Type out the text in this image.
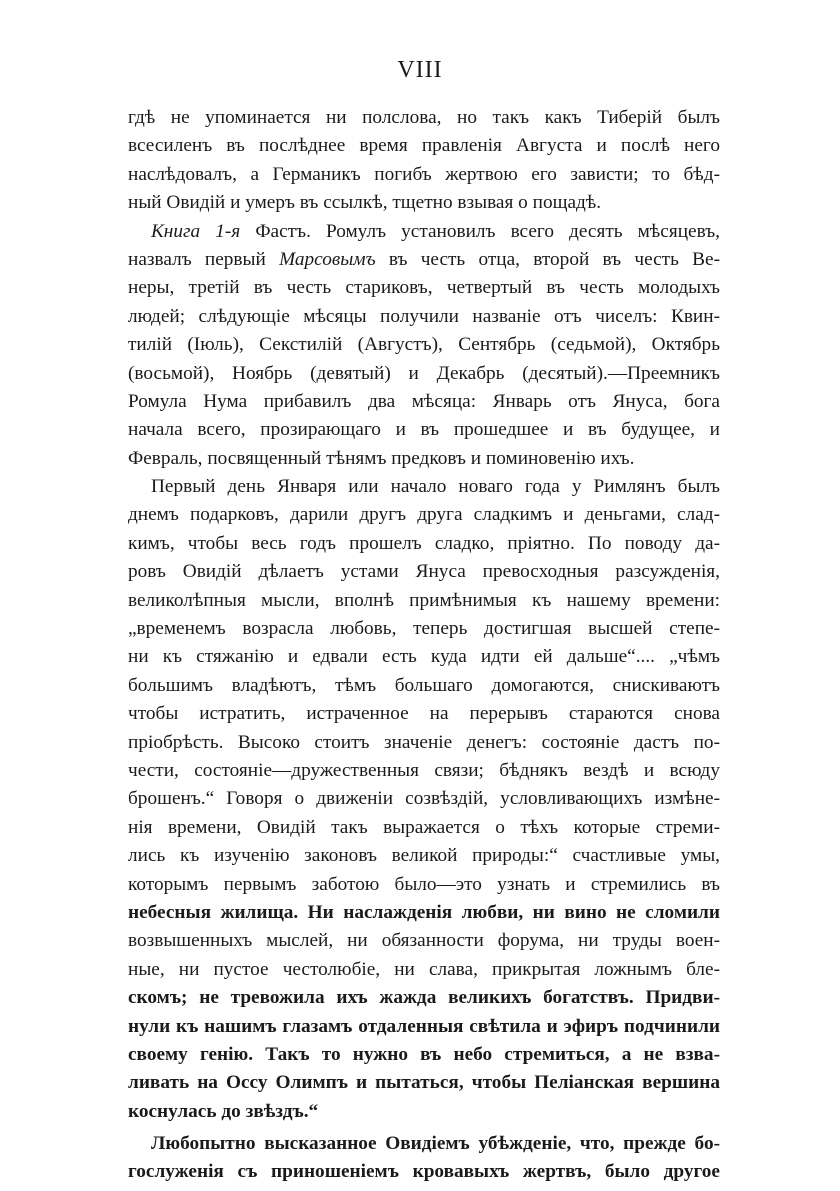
VIII
гдѣ не упоминается ни полслова, но такъ какъ Тиберій былъ
всесиленъ въ послѣднее время правленія Августа и послѣ него
наслѣдовалъ, а Германикъ погибъ жертвою его зависти; то бѣд-
ный Овидій и умеръ въ ссылкѣ, тщетно взывая о пощадѣ.
Книга 1-я Фастъ. Ромулъ установилъ всего десять мѣсяцевъ,
назвалъ первый Марсовымъ въ честь отца, второй въ честь Ве-
неры, третій въ честь стариковъ, четвертый въ честь молодыхъ
людей; слѣдующіе мѣсяцы получили названіе отъ чиселъ: Квин-
тилій (Іюль), Секстилій (Августъ), Сентябрь (седьмой), Октябрь
(восьмой), Ноябрь (девятый) и Декабрь (десятый).—Преемникъ
Ромула Нума прибавилъ два мѣсяца: Январь отъ Януса, бога
начала всего, прозирающаго и въ прошедшее и въ будущее, и
Февраль, посвященный тѣнямъ предковъ и поминовенію ихъ.
Первый день Января или начало новаго года у Римлянъ былъ
днемъ подарковъ, дарили другъ друга сладкимъ и деньгами, слад-
кимъ, чтобы весь годъ прошелъ сладко, пріятно. По поводу да-
ровъ Овидій дѣлаетъ устами Януса превосходныя разсужденія,
великолѣпныя мысли, вполнѣ примѣнимыя къ нашему времени:
„временемъ возрасла любовь, теперь достигшая высшей степе-
ни къ стяжанію и едвали есть куда идти ей дальше“.... „чѣмъ
большимъ владѣютъ, тѣмъ большаго домогаются, снискиваютъ
чтобы истратить, истраченное на перерывъ стараются снова
пріобрѣсть. Высоко стоитъ значеніе денегъ: состояніе дастъ по-
чести, состояніе—дружественныя связи; бѣднякъ вездѣ и всюду
брошенъ.“ Говоря о движеніи созвѣздій, условливающихъ измѣне-
нія времени, Овидій такъ выражается о тѣхъ которые стреми-
лись къ изученію законовъ великой природы:“ счастливые умы,
которымъ первымъ заботою было—это узнать и стремились въ
небесныя жилища. Ни наслажденія любви, ни вино не сломили
возвышенныхъ мыслей, ни обязанности форума, ни труды воен-
ные, ни пустое честолюбіе, ни слава, прикрытая ложнымъ бле-
скомъ; не тревожила ихъ жажда великихъ богатствъ. Придви-
нули къ нашимъ глазамъ отдаленныя свѣтила и эфиръ подчинили
своему генію. Такъ то нужно въ небо стремиться, а не взва-
ливать на Оссу Олимпъ и пытаться, чтобы Пеліанская вершина
коснулась до звѣздъ.“
Любопытно высказанное Овидіемъ убѣжденіе, что, прежде бо-
гослуженія съ приношеніемъ кровавыхъ жертвъ, было другое
